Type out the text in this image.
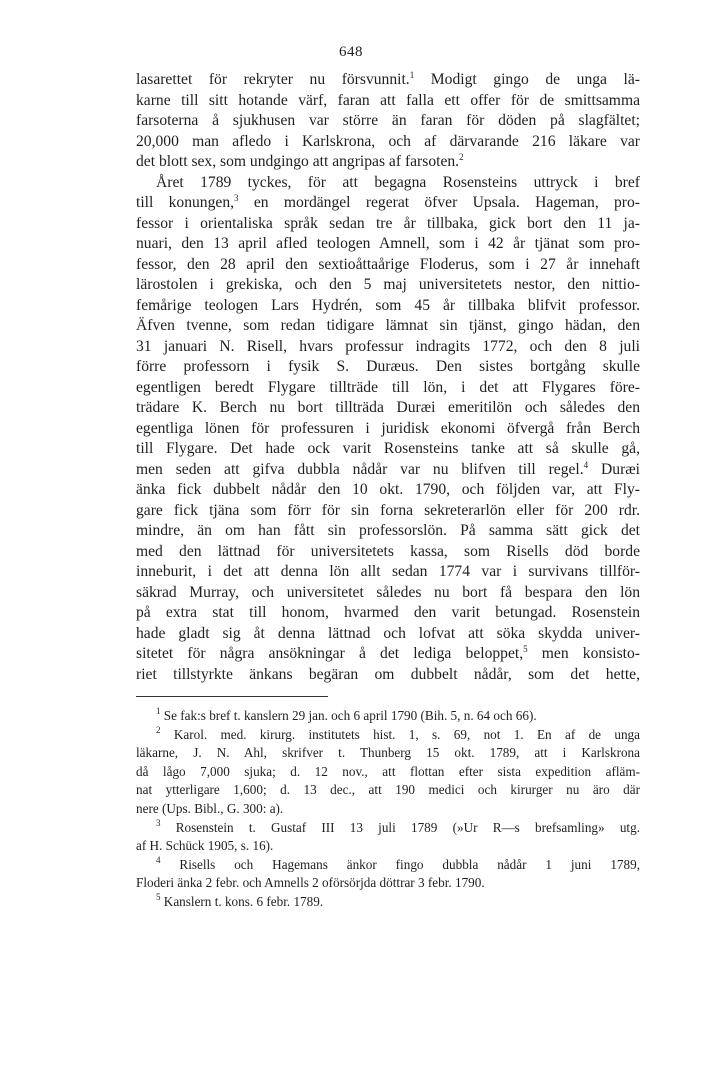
648

lasarettet för rekryter nu försvunnit.$^1$ Modigt gingo de unga lä-

karne till sitt hotande värf, faran att falla ett offer för de smittsamma

farsoterna å sjukhusen var större än faran för döden på slagfältet;

20,000 man afledo i Karlskrona, och af därvarande 216 läkare var

det blott sex, som undgingo att angripas af farsoten.$^2$

Året 1789 tyckes, för att begagna Rosensteins uttryck i bref

till konungen,$^3$ en mordängel regerat öfver Upsala. Hageman, pro-

fessor i orientaliska språk sedan tre år tillbaka, gick bort den 11 ja-

nuari, den 13 april afled teologen Amnell, som i 42 år tjänat som pro-

fessor, den 28 april den sextioåttaårige Floderus, som i 27 år innehaft

lärostolen i grekiska, och den 5 maj universitetets nestor, den nittio-

femårige teologen Lars Hydrén, som 45 år tillbaka blifvit professor.

Äfven tvenne, som redan tidigare lämnat sin tjänst, gingo hädan, den

31 januari N. Risell, hvars professur indragits 1772, och den 8 juli

förre professorn i fysik S. Duræus. Den sistes bortgång skulle

egentligen beredt Flygare tillträde till lön, i det att Flygares före-

trädare K. Berch nu bort tillträda Duræi emeritilön och således den

egentliga lönen för professuren i juridisk ekonomi öfvergå från Berch

till Flygare. Det hade ock varit Rosensteins tanke att så skulle gå,

men seden att gifva dubbla nådår var nu blifven till regel.$^4$ Duræi

änka fick dubbelt nådår den 10 okt. 1790, och följden var, att Fly-

gare fick tjäna som förr för sin forna sekreterarlön eller för 200 rdr.

mindre, än om han fått sin professorslön. På samma sätt gick det

med den lättnad för universitetets kassa, som Risells död borde

inneburit, i det att denna lön allt sedan 1774 var i survivans tillför-

säkrad Murray, och universitetet således nu bort få bespara den lön

på extra stat till honom, hvarmed den varit betungad. Rosenstein

hade gladt sig åt denna lättnad och lofvat att söka skydda univer-

sitetet för några ansökningar å det lediga beloppet,$^5$ men konsisto-

riet tillstyrkte änkans begäran om dubbelt nådår, som det hette,

$^1$ Se fak:s bref t. kanslern 29 jan. och 6 april 1790 (Bih. 5, n. 64 och 66).

$^2$ Karol. med. kirurg. institutets hist. 1, s. 69, not 1. En af de unga

läkarne, J. N. Ahl, skrifver t. Thunberg 15 okt. 1789, att i Karlskrona

då lågo 7,000 sjuka; d. 12 nov., att flottan efter sista expedition afläm-

nat ytterligare 1,600; d. 13 dec., att 190 medici och kirurger nu äro där

nere (Ups. Bibl., G. 300: a).

$^3$ Rosenstein t. Gustaf III 13 juli 1789 (»Ur R—s brefsamling» utg.

af H. Schück 1905, s. 16).

$^4$ Risells och Hagemans änkor fingo dubbla nådår 1 juni 1789,

Floderi änka 2 febr. och Amnells 2 oförsörjda döttrar 3 febr. 1790.

$^5$ Kanslern t. kons. 6 febr. 1789.
